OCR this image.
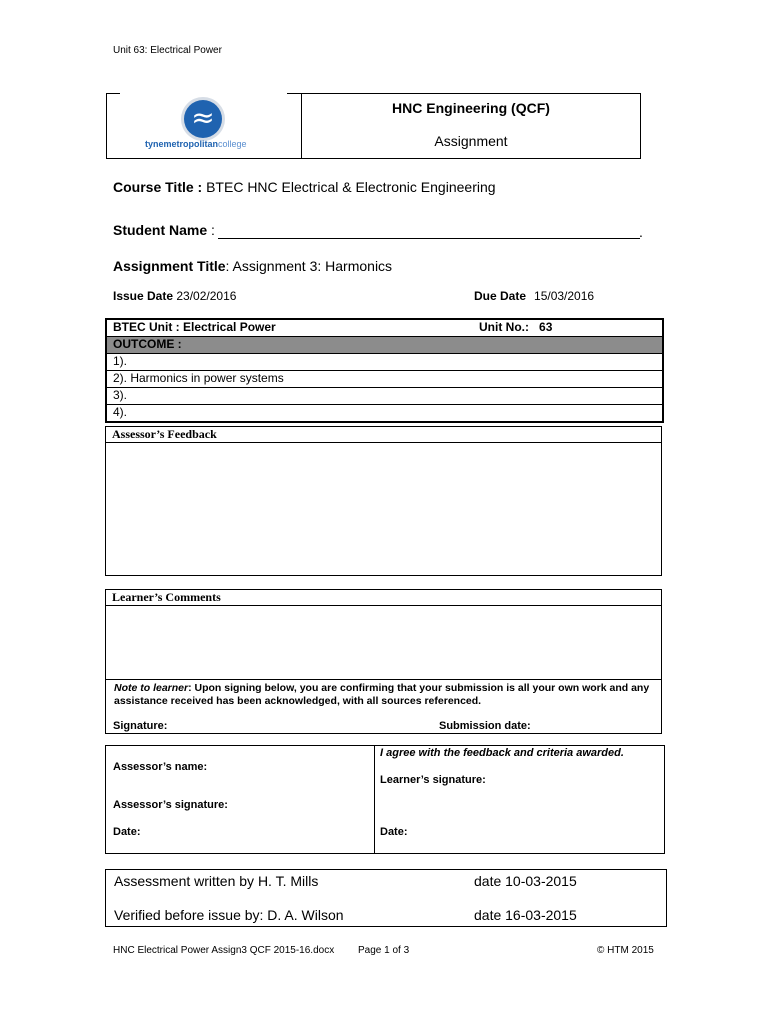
Unit 63: Electrical Power
≈
tynemetropolitancollege
HNC Engineering (QCF)
Assignment
Course Title : BTEC HNC Electrical & Electronic Engineering
Student Name :	.
Assignment Title: Assignment 3: Harmonics
Issue Date 23/02/2016	Due Date 15/03/2016
BTEC Unit : Electrical Power	Unit No.: 63
OUTCOME :
1).
2). Harmonics in power systems
3).
4).
Assessor’s Feedback
Learner’s Comments
Note to learner: Upon signing below, you are confirming that your submission is all your own work and any assistance received has been acknowledged, with all sources referenced.
Signature:	Submission date:
Assessor’s name:
Assessor’s signature:
Date:
I agree with the feedback and criteria awarded.
Learner’s signature:
Date:
Assessment written by H. T. Mills	date 10-03-2015
Verified before issue by: D. A. Wilson	date 16-03-2015
HNC Electrical Power Assign3 QCF 2015-16.docx Page 1 of 3	© HTM 2015
